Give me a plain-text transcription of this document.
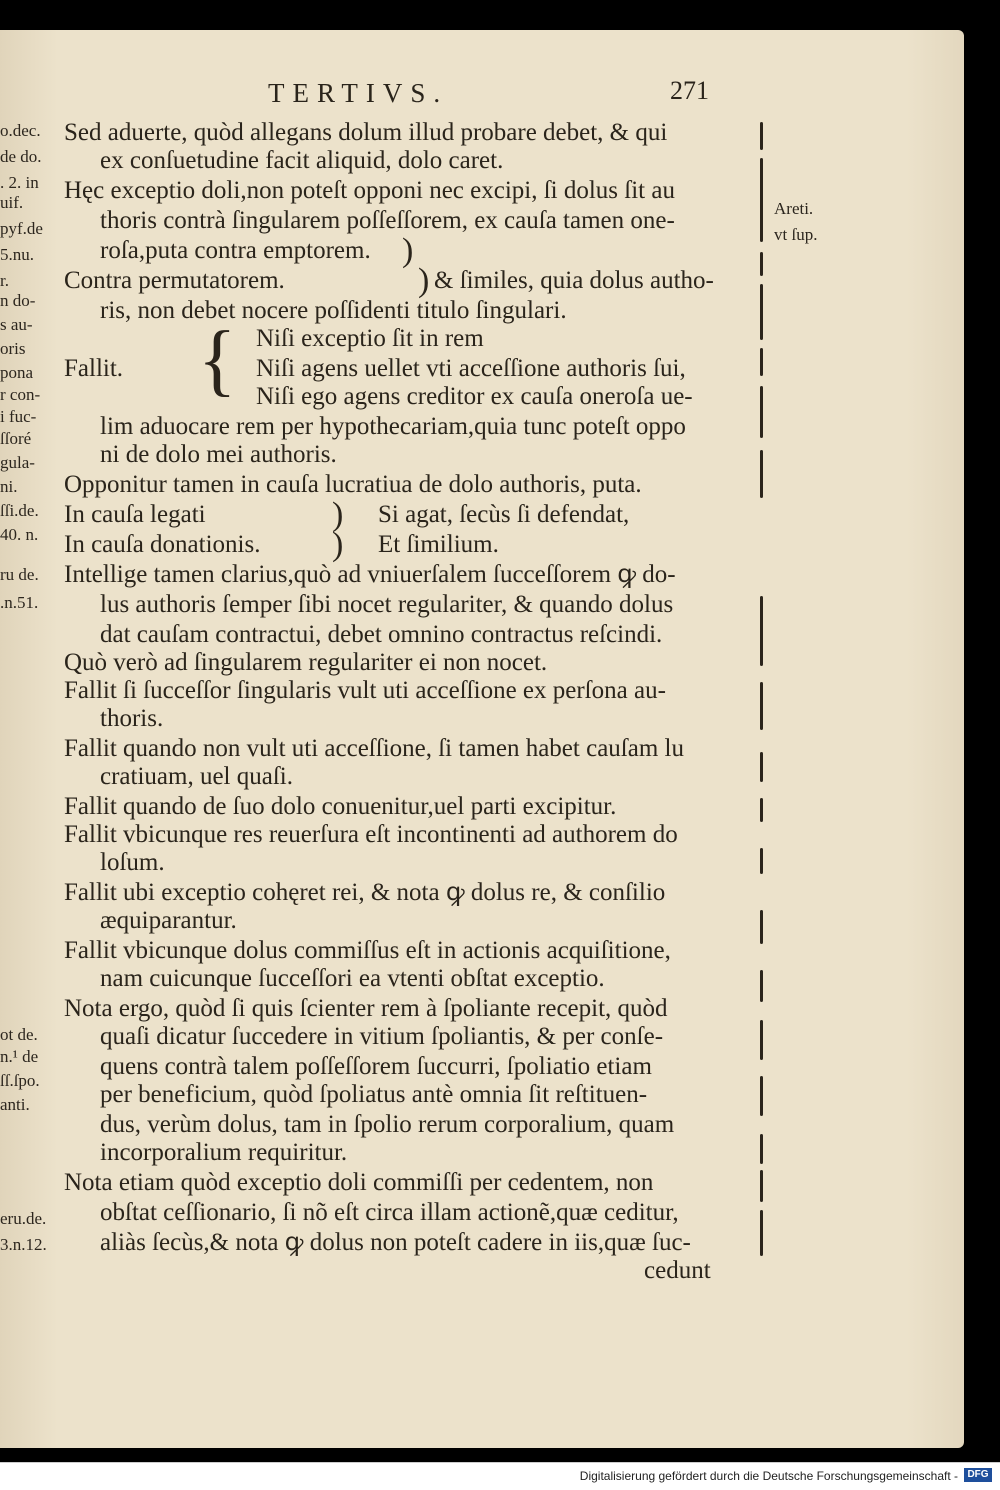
TERTIVS.	271
o.dec.
de do.
. 2. in
uif.
pyf.de
5.nu.
r.
n do-
s au-
oris
pona
r con-
i fuc-
ſſoré
gula-
ni.
ſſi.de.
40. n.
ru de.
.n.51.
ot de.
n.¹ de
ſſ.ſpo.
anti.
eru.de.
3.n.12.
Areti.
vt ſup.
Sed aduerte, quòd allegans dolum illud probare debet, & qui
ex conſuetudine facit aliquid, dolo caret.
Hęc exceptio doli,non poteſt opponi nec excipi, ſi dolus ſit au
thoris contrà ſingularem poſſeſſorem, ex cauſa tamen one-
roſa,puta contra emptorem. )
Contra permutatorem.	) & ſimiles, quia dolus autho-
ris, non debet nocere poſſidenti titulo ſingulari.
Niſi exceptio ſit in rem
{
Fallit.	Niſi agens uellet vti acceſſione authoris ſui,
Niſi ego agens creditor ex cauſa oneroſa ue-
lim aduocare rem per hypothecariam,quia tunc poteſt oppo
ni de dolo mei authoris.
Opponitur tamen in cauſa lucratiua de dolo authoris, puta.
In cauſa legati	) Si agat, ſecùs ſi defendat,
In cauſa donationis. ) Et ſimilium.
Intellige tamen clarius,quò ad vniuerſalem ſucceſſorem ꝙ do-
lus authoris ſemper ſibi nocet regulariter, & quando dolus
dat cauſam contractui, debet omnino contractus reſcindi.
Quò verò ad ſingularem regulariter ei non nocet.
Fallit ſi ſucceſſor ſingularis vult uti acceſſione ex perſona au-
thoris.
Fallit quando non vult uti acceſſione, ſi tamen habet cauſam lu
cratiuam, uel quaſi.
Fallit quando de ſuo dolo conuenitur,uel parti excipitur.
Fallit vbicunque res reuerſura eſt incontinenti ad authorem do
loſum.
Fallit ubi exceptio cohęret rei, & nota ꝙ dolus re, & conſilio
æquiparantur.
Fallit vbicunque dolus commiſſus eſt in actionis acquiſitione,
nam cuicunque ſucceſſori ea vtenti obſtat exceptio.
Nota ergo, quòd ſi quis ſcienter rem à ſpoliante recepit, quòd
quaſi dicatur ſuccedere in vitium ſpoliantis, & per conſe-
quens contrà talem poſſeſſorem ſuccurri, ſpoliatio etiam
per beneficium, quòd ſpoliatus antè omnia ſit reſtituen-
dus, verùm dolus, tam in ſpolio rerum corporalium, quam
incorporalium requiritur.
Nota etiam quòd exceptio doli commiſſi per cedentem, non
obſtat ceſſionario, ſi nõ eſt circa illam actionẽ,quæ ceditur,
aliàs ſecùs,& nota ꝙ dolus non poteſt cadere in iis,quæ ſuc-
cedunt
Digitalisierung gefördert durch die Deutsche Forschungsgemeinschaft - DFG
